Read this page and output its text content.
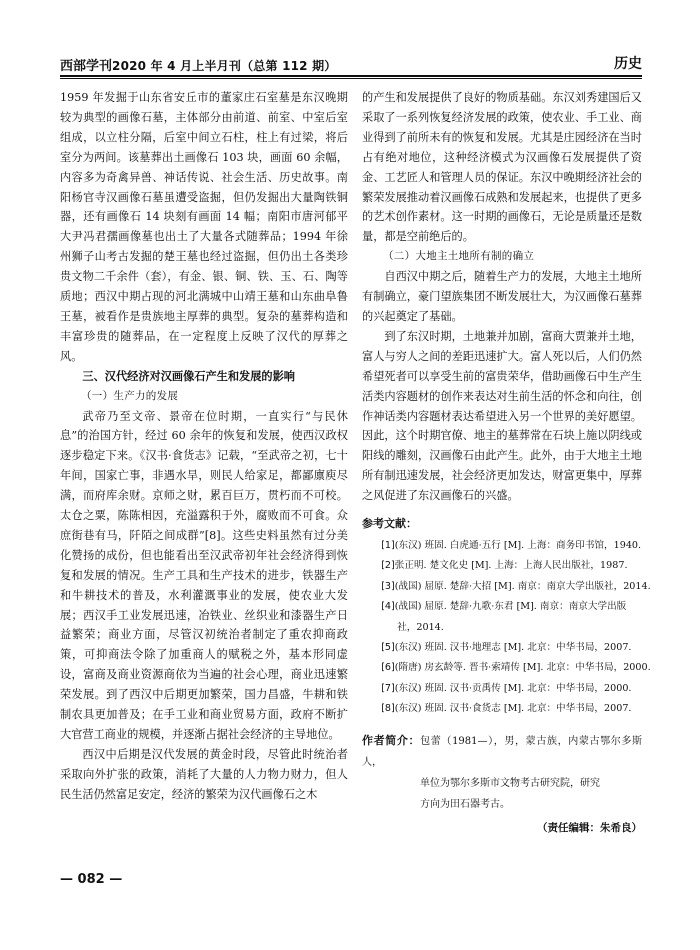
西部学刊2020 年 4 月上半月刊（总第 112 期）	历史

1959 年发掘于山东省安丘市的董家庄石室墓是东汉晚期较为典型的画像石墓，主体部分由前道、前室、中室后室组成，以立柱分隔，后室中间立石柱，柱上有过梁，将后室分为两间。该墓葬出土画像石 103 块，画面 60 余幅，内容多为奇禽异兽、神话传说、社会生活、历史故事。南阳杨官寺汉画像石墓虽遭受盗掘，但仍发掘出大量陶铁铜器，还有画像石 14 块刻有画面 14 幅；南阳市唐河郁平大尹冯君孺画像墓也出土了大量各式随葬品；1994 年徐州狮子山考古发掘的楚王墓也经过盗掘，但仍出土各类珍贵文物二千余件（套），有金、银、铜、铁、玉、石、陶等质地；西汉中期占现的河北满城中山靖王墓和山东曲阜鲁王墓，被看作是贵族地主厚葬的典型。复杂的墓葬构造和丰富珍贵的随葬品，在一定程度上反映了汉代的厚葬之风。

三、汉代经济对汉画像石产生和发展的影响

（一）生产力的发展

武帝乃至文帝、景帝在位时期，一直实行“与民休息”的治国方针，经过 60 余年的恢复和发展，使西汉政权逐步稳定下来。《汉书·食货志》记载，“至武帝之初，七十年间，国家亡事，非遇水旱，则民人给家足，都鄙廪庾尽满，而府库余财。京师之财，累百巨万，贯朽而不可校。太仓之粟，陈陈相因，充溢露积于外，腐败而不可食。众庶街巷有马，阡陌之间成群”[8]。这些史料虽然有过分美化赞扬的成份，但也能看出至汉武帝初年社会经济得到恢复和发展的情况。生产工具和生产技术的进步，铁器生产和牛耕技术的普及，水利灌溉事业的发展，使农业大发展；西汉手工业发展迅速，冶铁业、丝织业和漆器生产日益繁荣；商业方面，尽管汉初统治者制定了重农抑商政策，可抑商法令除了加重商人的赋税之外，基本形同虚设，富商及商业资源商依为当遍的社会心理，商业迅速繁荣发展。到了西汉中后期更加繁荣，国力昌盛，牛耕和铁制农具更加普及；在手工业和商业贸易方面，政府不断扩大官营工商业的规模，并逐渐占据社会经济的主导地位。

西汉中后期是汉代发展的黄金时段，尽管此时统治者采取向外扩张的政策，消耗了大量的人力物力财力，但人民生活仍然富足安定，经济的繁荣为汉代画像石之木

的产生和发展提供了良好的物质基础。东汉刘秀建国后又采取了一系列恢复经济发展的政策，使农业、手工业、商业得到了前所未有的恢复和发展。尤其是庄园经济在当时占有绝对地位，这种经济模式为汉画像石发展提供了资金、工艺匠人和管理人员的保证。东汉中晚期经济社会的繁荣发展推动着汉画像石成熟和发展起来，也提供了更多的艺术创作素材。这一时期的画像石，无论是质量还是数量，都是空前绝后的。

（二）大地主土地所有制的确立

自西汉中期之后，随着生产力的发展，大地主土地所有制确立，豪门望族集团不断发展壮大，为汉画像石墓葬的兴起奠定了基础。

到了东汉时期，土地兼并加剧，富商大贾兼并土地，富人与穷人之间的差距迅速扩大。富人死以后，人们仍然希望死者可以享受生前的富贵荣华，借助画像石中生产生活类内容题材的创作来表达对生前生活的怀念和向往，创作神话类内容题材表达希望进入另一个世界的美好愿望。因此，这个时期官僚、地主的墓葬常在石块上施以阴线或阳线的雕刻，汉画像石由此产生。此外，由于大地主土地所有制迅速发展，社会经济更加发达，财富更集中，厚葬之风促进了东汉画像石的兴盛。

参考文献：

[1](东汉) 班固. 白虎通·五行 [M]. 上海：商务印书馆，1940.

[2]张正明. 楚文化史 [M]. 上海：上海人民出版社，1987.

[3](战国) 屈原. 楚辞·大招 [M]. 南京：南京大学出版社，2014.

[4](战国) 屈原. 楚辞·九歌·东君 [M]. 南京：南京大学出版

社，2014.

[5](东汉) 班固. 汉书·地理志 [M]. 北京：中华书局，2007.

[6](隋唐) 房玄龄等. 晋书·索靖传 [M]. 北京：中华书局，2000.

[7](东汉) 班固. 汉书·贡禹传 [M]. 北京：中华书局，2000.

[8](东汉) 班固. 汉书·食货志 [M]. 北京：中华书局，2007.

作者简介：包蕾（1981—），男，蒙古族，内蒙古鄂尔多斯人，
单位为鄂尔多斯市文物考古研究院，研究
方向为田石器考古。
（责任编辑：朱希良）
— 082 —
